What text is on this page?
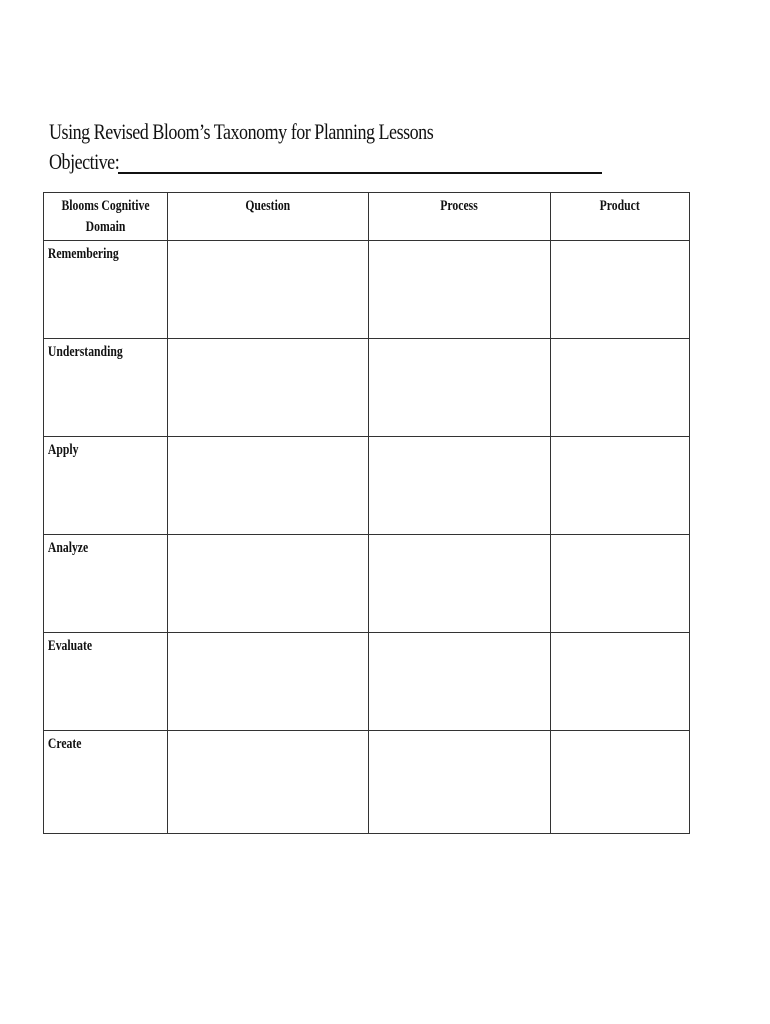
Using Revised Bloom’s Taxonomy for Planning Lessons
Objective:
Blooms Cognitive Domain	Question	Process	Product

Remembering			

Understanding			

Apply			

Analyze			

Evaluate			

Create			
